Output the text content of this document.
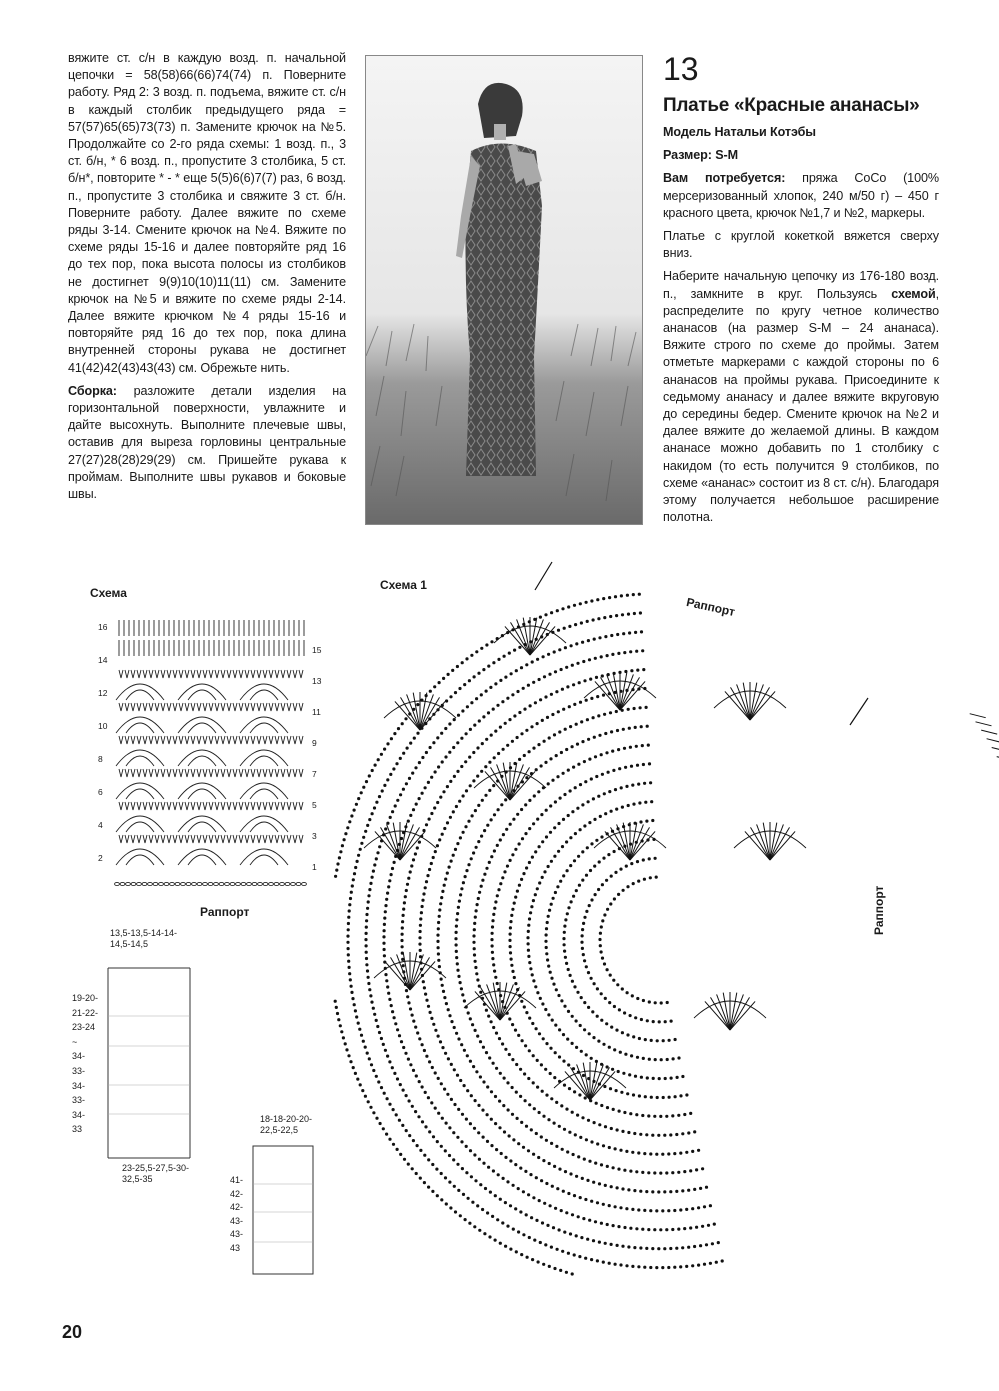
вяжите ст. с/н в каждую возд. п. начальной цепочки = 58(58)66(66)74(74) п. Поверните работу. Ряд 2: 3 возд. п. подъема, вяжите ст. с/н в каждый столбик предыдущего ряда = 57(57)65(65)73(73) п. Замените крючок на №5. Продолжайте со 2-го ряда схемы: 1 возд. п., 3 ст. б/н, * 6 возд. п., пропустите 3 столбика, 5 ст. б/н*, повторите * - * еще 5(5)6(6)7(7) раз, 6 возд. п., пропустите 3 столбика и свяжите 3 ст. б/н. Поверните работу. Далее вяжите по схеме ряды 3-14. Смените крючок на №4. Вяжите по схеме ряды 15-16 и далее повторяйте ряд 16 до тех пор, пока высота полосы из столбиков не достигнет 9(9)10(10)11(11) см. Замените крючок на №5 и вяжите по схеме ряды 2-14. Далее вяжите крючком №4 ряды 15-16 и повторяйте ряд 16 до тех пор, пока длина внутренней стороны рукава не достигнет 41(42)42(43)43(43) см. Обрежьте нить.

Сборка: разложите детали изделия на горизонтальной поверхности, увлажните и дайте высохнуть. Выполните плечевые швы, оставив для выреза горловины центральные 27(27)28(28)29(29) см. Пришейте рукава к проймам. Выполните швы рукавов и боковые швы.

13

Платье «Красные ананасы»

Модель Натальи Котэбы

Размер: S-M

Вам потребуется: пряжа CoCo (100% мерсеризованный хлопок, 240 м/50 г) – 450 г красного цвета, крючок №1,7 и №2, маркеры.

Платье с круглой кокеткой вяжется сверху вниз.

Наберите начальную цепочку из 176-180 возд. п., замкните в круг. Пользуясь схемой, распределите по кругу четное количество ананасов (на размер S-M – 24 ананаса). Вяжите строго по схеме до проймы. Затем отметьте маркерами с каждой стороны по 6 ананасов на проймы рукава. Присоедините к седьмому ананасу и далее вяжите вкруговую до середины бедер. Смените крючок на №2 и далее вяжите до желаемой длины. В каждом ананасе можно добавить по 1 столбику с накидом (то есть получится 9 столбиков, по схеме «ананас» состоит из 8 ст. с/н). Благодаря этому получается небольшое расширение полотна.

Схема
16
14
12
10
8
6
4
2
15
13
11
9
7
5
3
1
Раппорт
13,5-13,5-14-14-14,5-14,5
19-20-
21-22-
23-24
~
34-
33-
34-
33-
34-
33
23-25,5-27,5-30-32,5-35
18-18-20-20-22,5-22,5
41-
42-
42-
43-
43-
43
Схема 1
Раппорт
Раппорт
20
